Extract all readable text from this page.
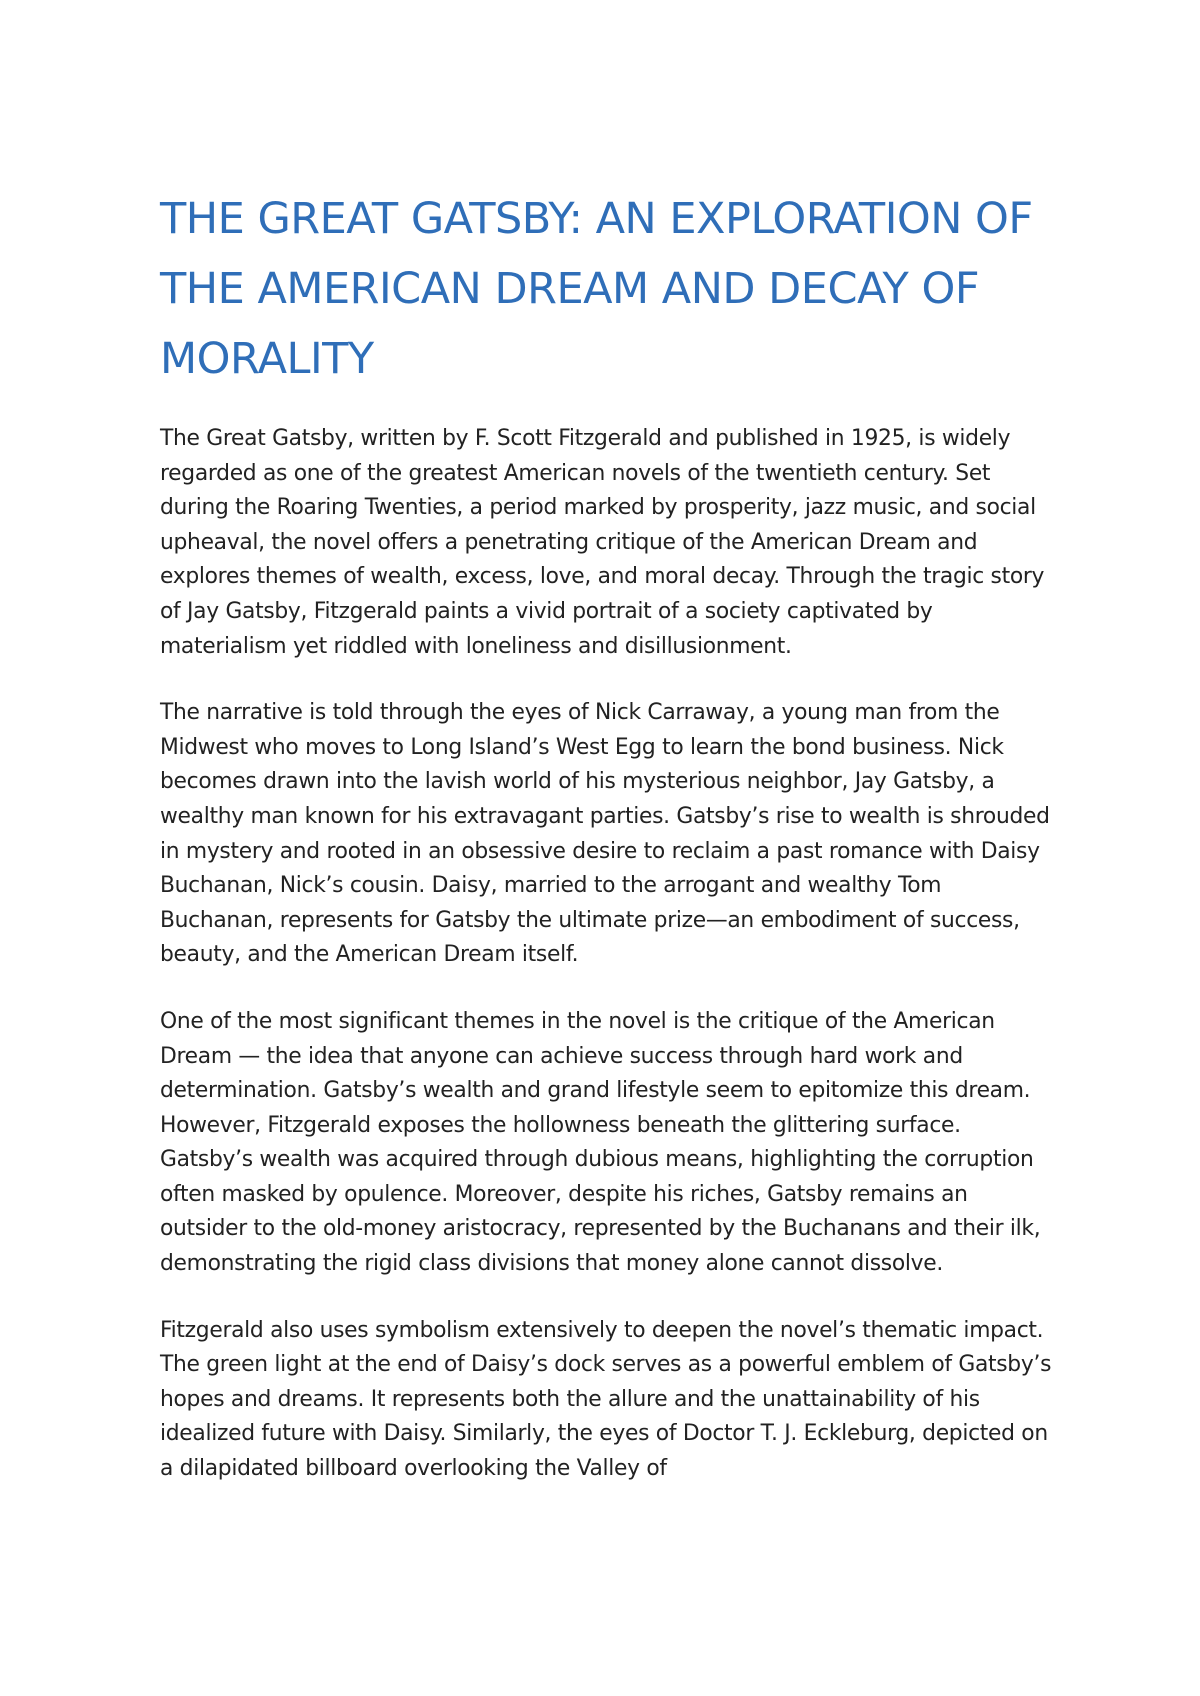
THE GREAT GATSBY: AN EXPLORATION OF THE AMERICAN DREAM AND DECAY OF MORALITY

The Great Gatsby, written by F. Scott Fitzgerald and published in 1925, is widely regarded as one of the greatest American novels of the twentieth century. Set during the Roaring Twenties, a period marked by prosperity, jazz music, and social upheaval, the novel offers a penetrating critique of the American Dream and explores themes of wealth, excess, love, and moral decay. Through the tragic story of Jay Gatsby, Fitzgerald paints a vivid portrait of a society captivated by materialism yet riddled with loneliness and disillusionment.

The narrative is told through the eyes of Nick Carraway, a young man from the Midwest who moves to Long Island’s West Egg to learn the bond business. Nick becomes drawn into the lavish world of his mysterious neighbor, Jay Gatsby, a wealthy man known for his extravagant parties. Gatsby’s rise to wealth is shrouded in mystery and rooted in an obsessive desire to reclaim a past romance with Daisy Buchanan, Nick’s cousin. Daisy, married to the arrogant and wealthy Tom Buchanan, represents for Gatsby the ultimate prize—an embodiment of success, beauty, and the American Dream itself.

One of the most significant themes in the novel is the critique of the American Dream — the idea that anyone can achieve success through hard work and determination. Gatsby’s wealth and grand lifestyle seem to epitomize this dream. However, Fitzgerald exposes the hollowness beneath the glittering surface. Gatsby’s wealth was acquired through dubious means, highlighting the corruption often masked by opulence. Moreover, despite his riches, Gatsby remains an outsider to the old-money aristocracy, represented by the Buchanans and their ilk, demonstrating the rigid class divisions that money alone cannot dissolve.

Fitzgerald also uses symbolism extensively to deepen the novel’s thematic impact. The green light at the end of Daisy’s dock serves as a powerful emblem of Gatsby’s hopes and dreams. It represents both the allure and the unattainability of his idealized future with Daisy. Similarly, the eyes of Doctor T. J. Eckleburg, depicted on a dilapidated billboard overlooking the Valley of
